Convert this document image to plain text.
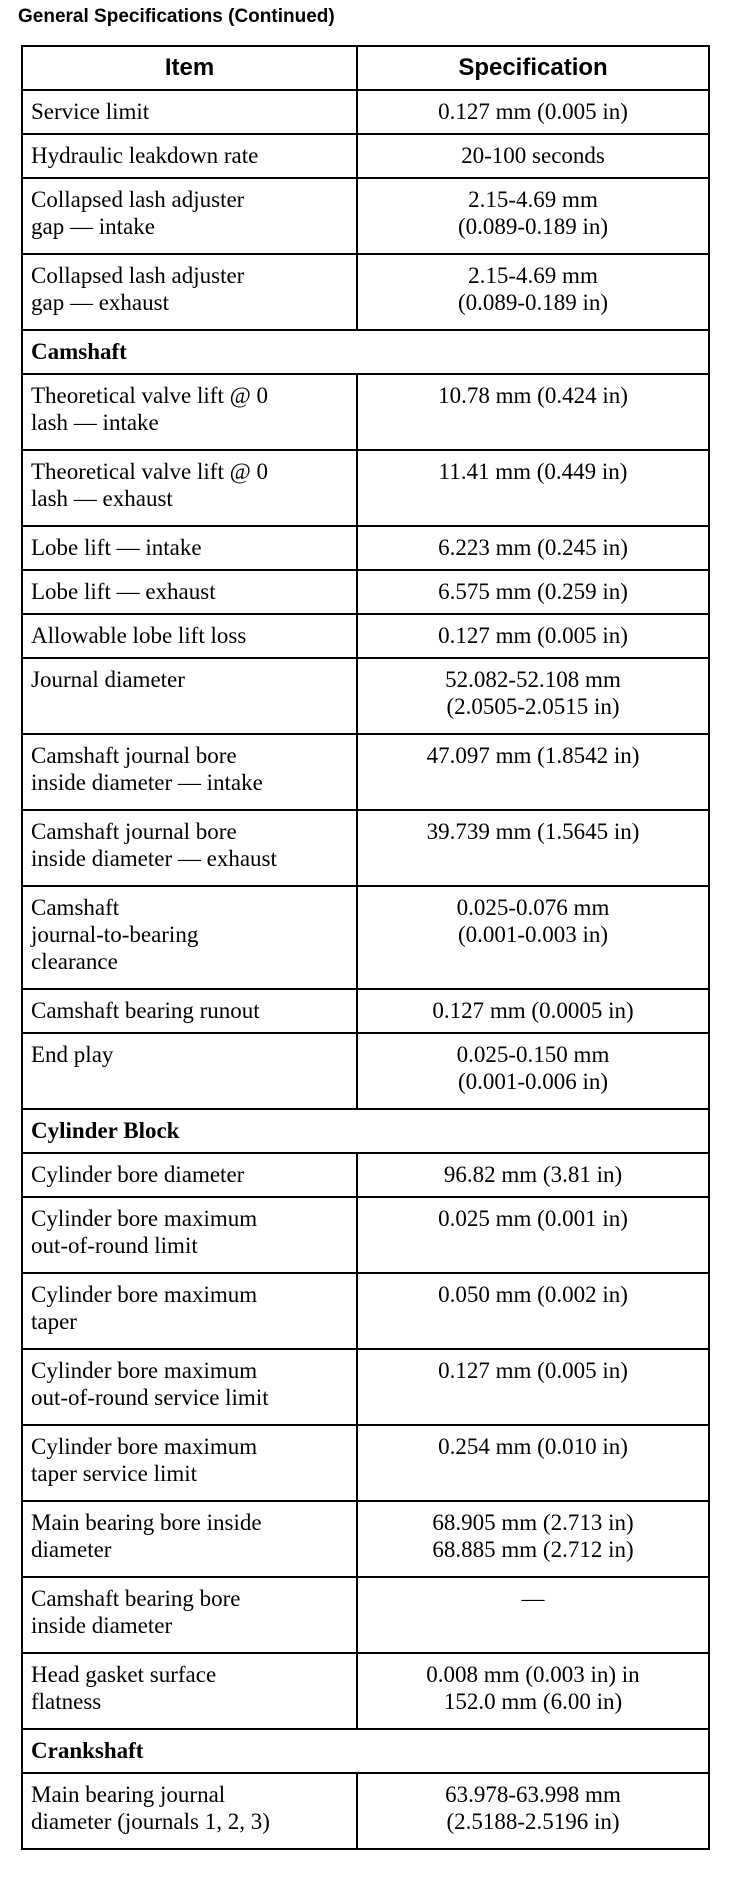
General Specifications (Continued)
Item	Specification

Service limit	0.127 mm (0.005 in)

Hydraulic leakdown rate	20-100 seconds

Collapsed lash adjuster
gap — intake	2.15-4.69 mm
(0.089-0.189 in)

Collapsed lash adjuster
gap — exhaust	2.15-4.69 mm
(0.089-0.189 in)

Camshaft	

Theoretical valve lift @ 0
lash — intake	10.78 mm (0.424 in)

Theoretical valve lift @ 0
lash — exhaust	11.41 mm (0.449 in)

Lobe lift — intake	6.223 mm (0.245 in)

Lobe lift — exhaust	6.575 mm (0.259 in)

Allowable lobe lift loss	0.127 mm (0.005 in)

Journal diameter	52.082-52.108 mm
(2.0505-2.0515 in)

Camshaft journal bore
inside diameter — intake	47.097 mm (1.8542 in)

Camshaft journal bore
inside diameter — exhaust	39.739 mm (1.5645 in)

Camshaft
journal-to-bearing
clearance	0.025-0.076 mm
(0.001-0.003 in)

Camshaft bearing runout	0.127 mm (0.0005 in)

End play	0.025-0.150 mm
(0.001-0.006 in)

Cylinder Block	

Cylinder bore diameter	96.82 mm (3.81 in)

Cylinder bore maximum
out-of-round limit	0.025 mm (0.001 in)

Cylinder bore maximum
taper	0.050 mm (0.002 in)

Cylinder bore maximum
out-of-round service limit	0.127 mm (0.005 in)

Cylinder bore maximum
taper service limit	0.254 mm (0.010 in)

Main bearing bore inside
diameter	68.905 mm (2.713 in)
68.885 mm (2.712 in)

Camshaft bearing bore
inside diameter	—

Head gasket surface
flatness	0.008 mm (0.003 in) in
152.0 mm (6.00 in)

Crankshaft	

Main bearing journal
diameter (journals 1, 2, 3)	63.978-63.998 mm
(2.5188-2.5196 in)
